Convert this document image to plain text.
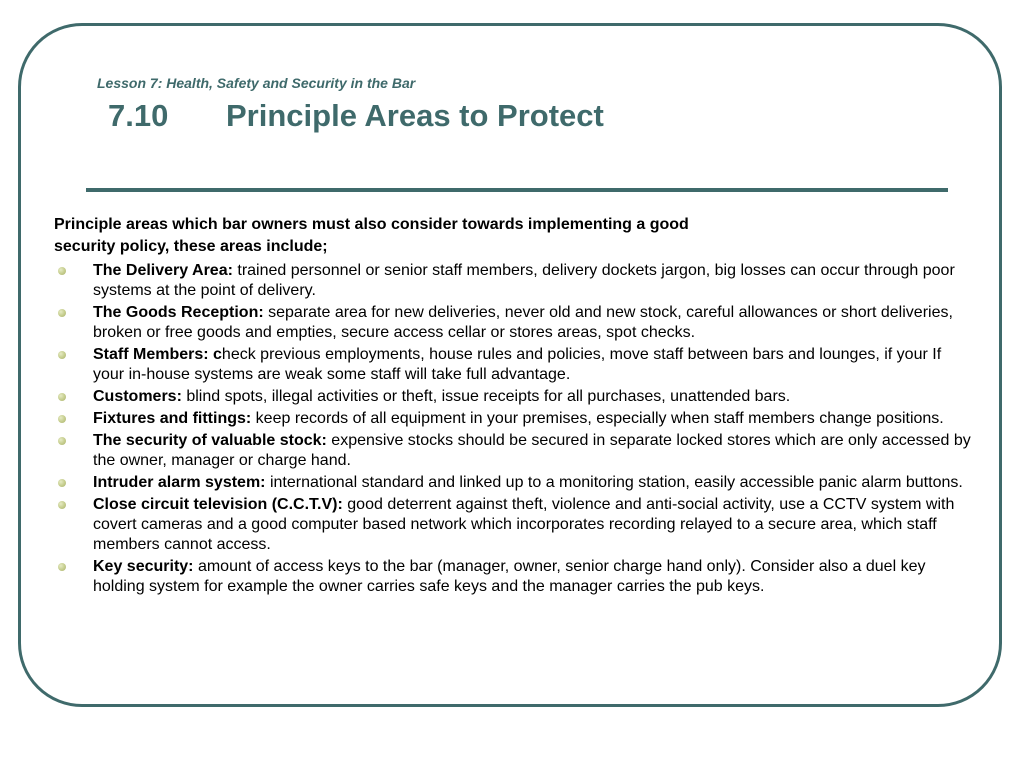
Lesson 7: Health, Safety and Security in the Bar
7.10 Principle Areas to Protect
Principle areas which bar owners must also consider towards implementing a good
security policy, these areas include;
The Delivery Area: trained personnel or senior staff members, delivery dockets jargon, big losses can occur through poor systems at the point of delivery.
The Goods Reception: separate area for new deliveries, never old and new stock, careful allowances or short deliveries, broken or free goods and empties, secure access cellar or stores areas, spot checks.
Staff Members: check previous employments, house rules and policies, move staff between bars and lounges, if your If your in-house systems are weak some staff will take full advantage.
Customers: blind spots, illegal activities or theft, issue receipts for all purchases, unattended bars.
Fixtures and fittings: keep records of all equipment in your premises, especially when staff members change positions.
The security of valuable stock: expensive stocks should be secured in separate locked stores which are only accessed by the owner, manager or charge hand.
Intruder alarm system: international standard and linked up to a monitoring station, easily accessible panic alarm buttons.
Close circuit television (C.C.T.V): good deterrent against theft, violence and anti-social activity, use a CCTV system with covert cameras and a good computer based network which incorporates recording relayed to a secure area, which staff members cannot access.
Key security: amount of access keys to the bar (manager, owner, senior charge hand only). Consider also a duel key holding system for example the owner carries safe keys and the manager carries the pub keys.
